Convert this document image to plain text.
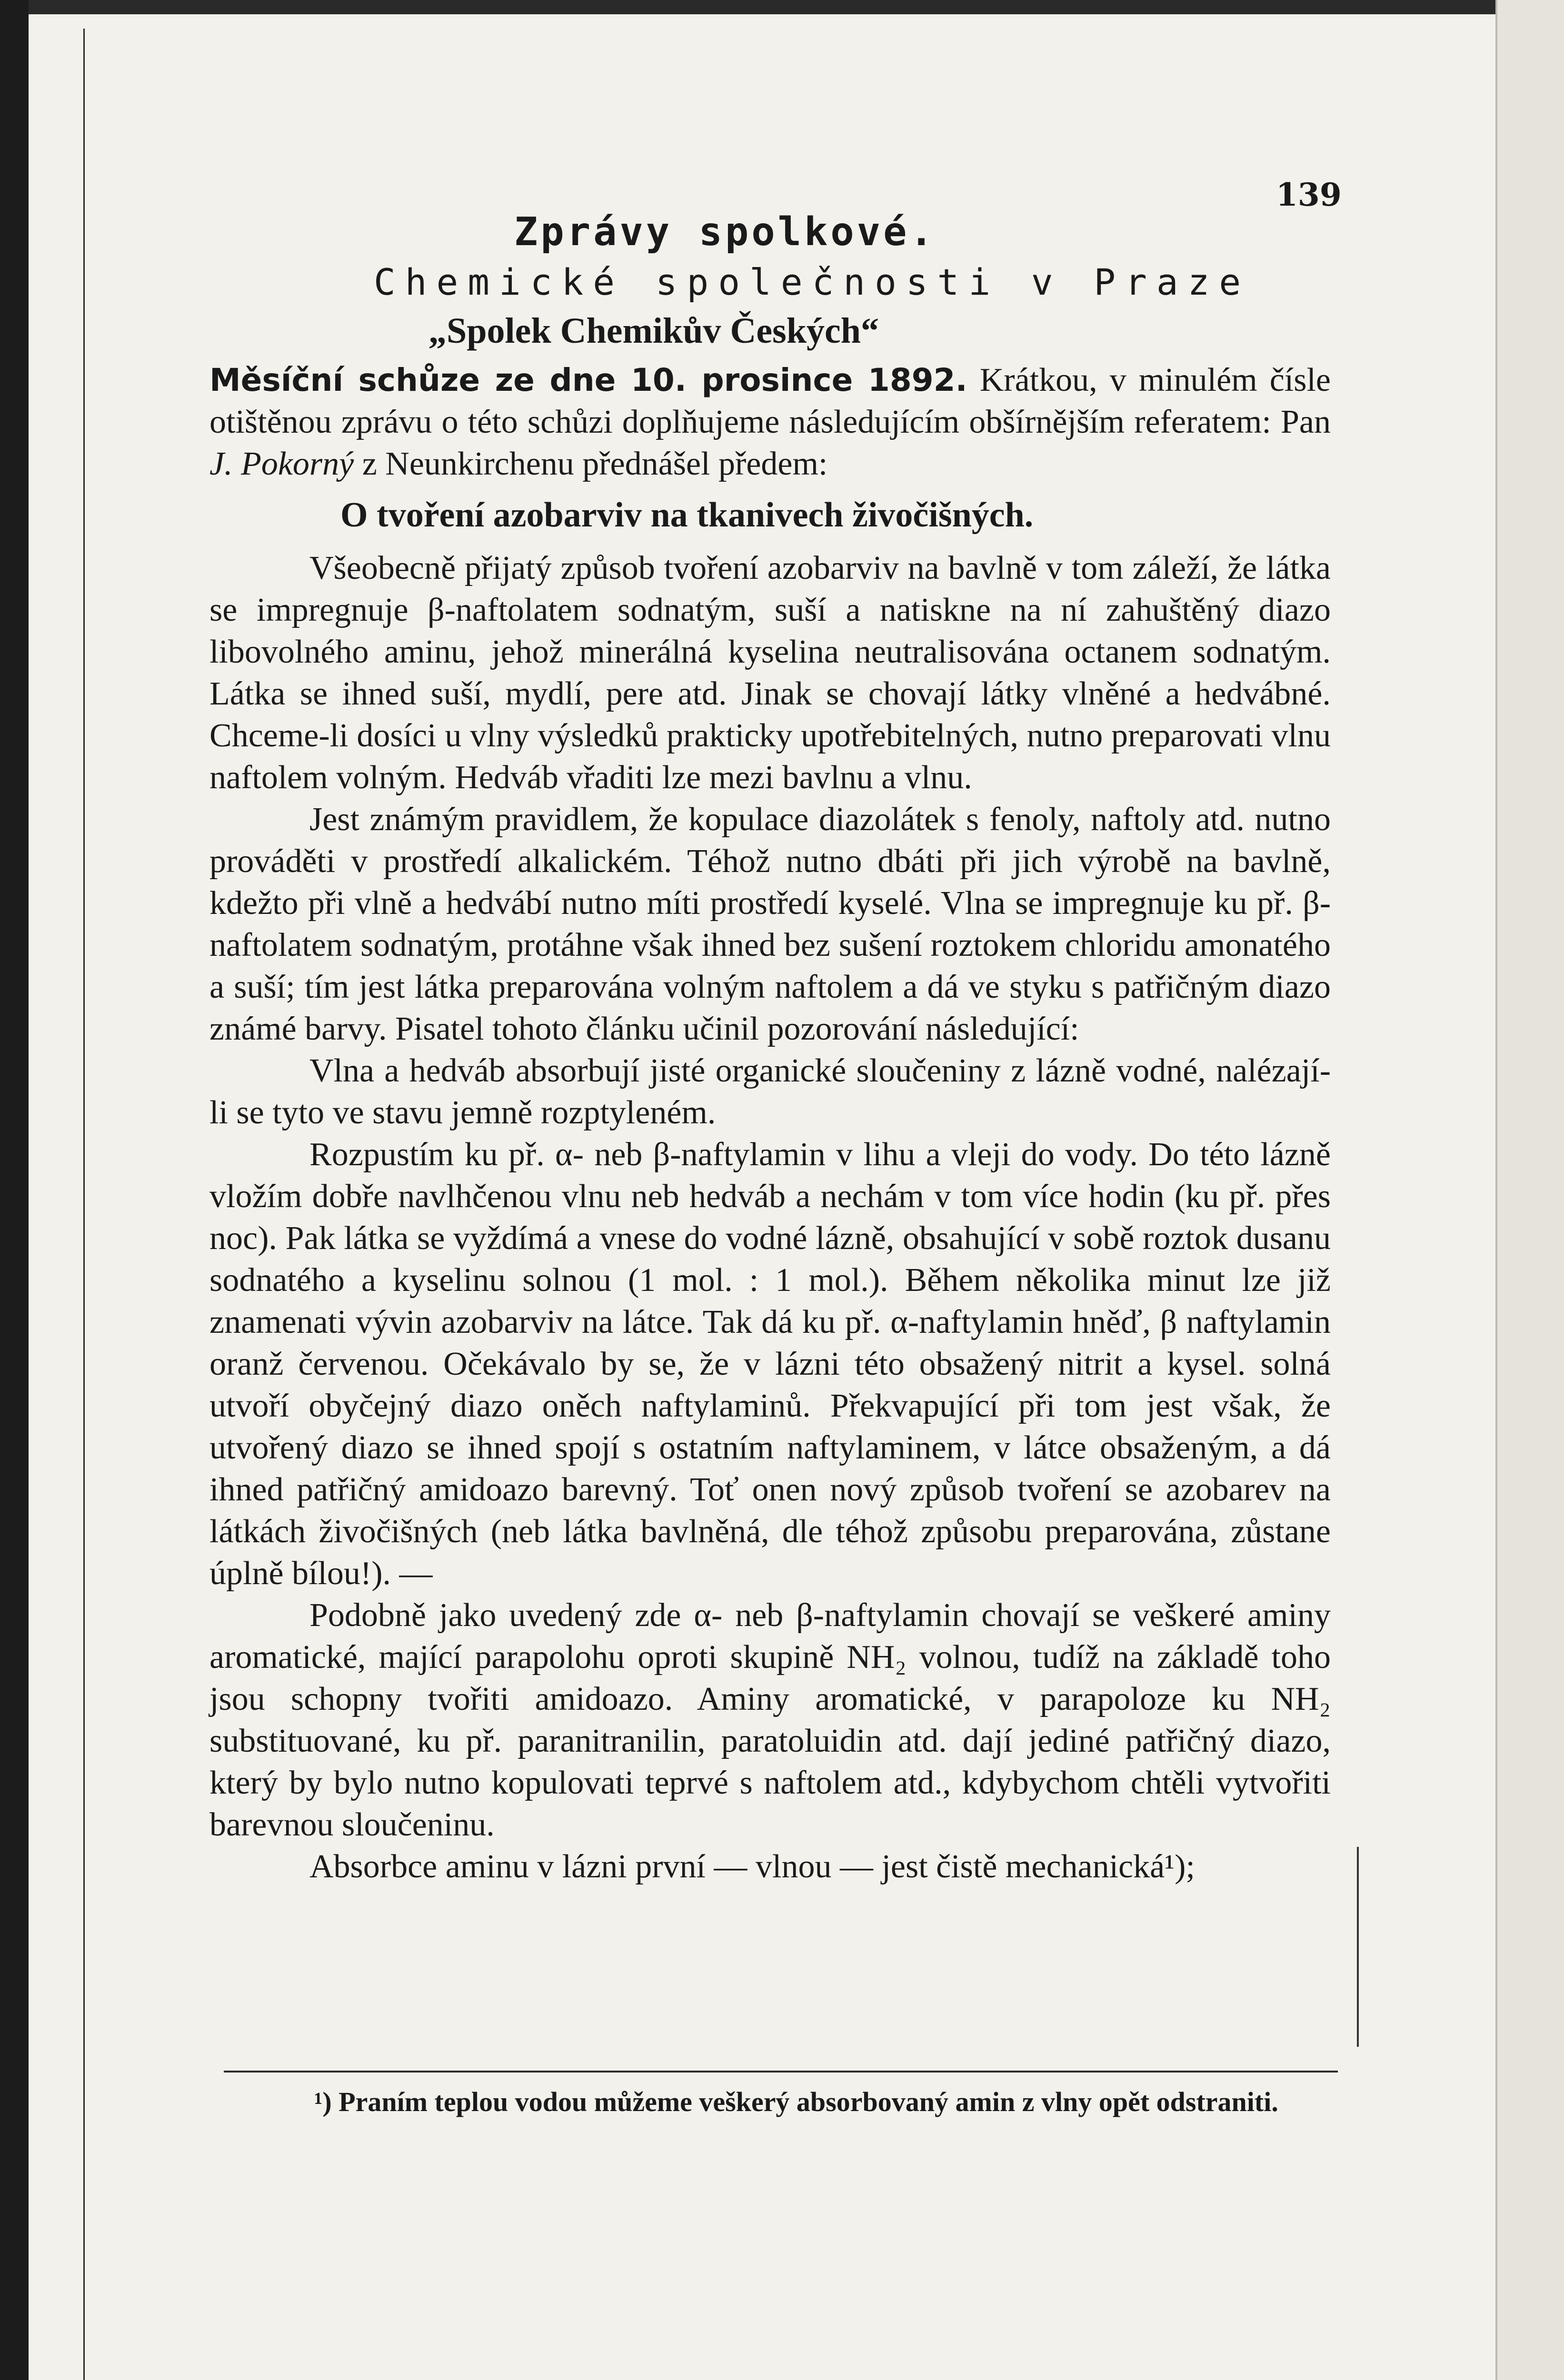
139
Zprávy spolkové.
Chemické společnosti v Praze
„Spolek Chemikův Českých“
Měsíční schůze ze dne 10. prosince 1892. Krátkou, v minulém čísle otištěnou zprávu o této schůzi doplňujeme následujícím obšírnějším referatem: Pan J. Pokorný z Neunkirchenu přednášel předem:
O tvoření azobarviv na tkanivech živočišných.

Všeobecně přijatý způsob tvoření azobarviv na bavlně v tom záleží, že látka se impregnuje β-naftolatem sodnatým, suší a natiskne na ní zahuštěný diazo libovolného aminu, jehož minerálná kyselina neutralisována octanem sodnatým. Látka se ihned suší, mydlí, pere atd. Jinak se chovají látky vlněné a hedvábné. Chceme-li dosíci u vlny výsledků prakticky upotřebitelných, nutno preparovati vlnu naftolem volným. Hedváb vřaditi lze mezi bavlnu a vlnu.

Jest známým pravidlem, že kopulace diazolátek s fenoly, naftoly atd. nutno prováděti v prostředí alkalickém. Téhož nutno dbáti při jich výrobě na bavlně, kdežto při vlně a hedvábí nutno míti prostředí kyselé. Vlna se impregnuje ku př. β-naftolatem sodnatým, protáhne však ihned bez sušení roztokem chloridu amonatého a suší; tím jest látka preparována volným naftolem a dá ve styku s patřičným diazo známé barvy. Pisatel tohoto článku učinil pozorování následující:

Vlna a hedváb absorbují jisté organické sloučeniny z lázně vodné, nalézají-li se tyto ve stavu jemně rozptyleném.

Rozpustím ku př. α- neb β-naftylamin v lihu a vleji do vody. Do této lázně vložím dobře navlhčenou vlnu neb hedváb a nechám v tom více hodin (ku př. přes noc). Pak látka se vyždímá a vnese do vodné lázně, obsahující v sobě roztok dusanu sodnatého a kyselinu solnou (1 mol. : 1 mol.). Během několika minut lze již znamenati vývin azobarviv na látce. Tak dá ku př. α-naftylamin hněď, β naftylamin oranž červenou. Očekávalo by se, že v lázni této obsažený nitrit a kysel. solná utvoří obyčejný diazo oněch naftylaminů. Překvapující při tom jest však, že utvořený diazo se ihned spojí s ostatním naftylaminem, v látce obsaženým, a dá ihned patřičný amidoazo barevný. Toť onen nový způsob tvoření se azobarev na látkách živočišných (neb látka bavlněná, dle téhož způsobu preparována, zůstane úplně bílou!). —

Podobně jako uvedený zde α- neb β-naftylamin chovají se veškeré aminy aromatické, mající parapolohu oproti skupině NH₂ volnou, tudíž na základě toho jsou schopny tvořiti amidoazo. Aminy aromatické, v parapoloze ku NH₂ substituované, ku př. paranitranilin, paratoluidin atd. dají jediné patřičný diazo, který by bylo nutno kopulovati teprvé s naftolem atd., kdybychom chtěli vytvořiti barevnou sloučeninu.

Absorbce aminu v lázni první — vlnou — jest čistě mechanická¹);

¹) Praním teplou vodou můžeme veškerý absorbovaný amin z vlny opět odstraniti.
